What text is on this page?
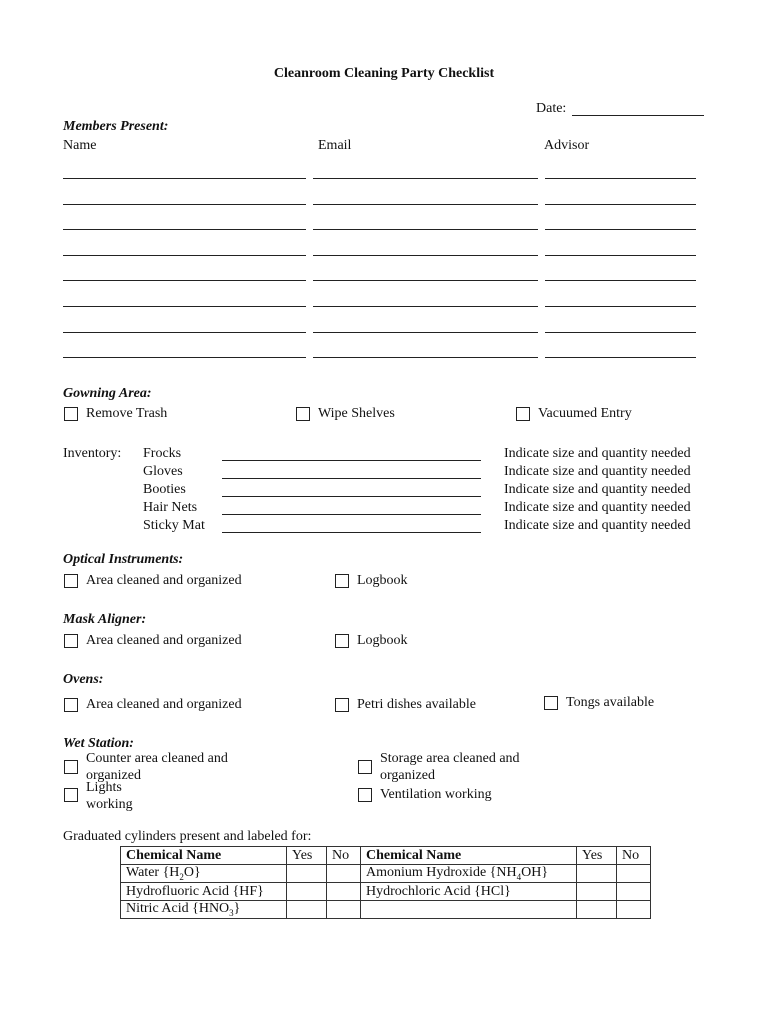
Cleanroom Cleaning Party Checklist
Date:
Members Present:
Name	Email	Advisor
Gowning Area:
Remove Trash	Wipe Shelves	Vacuumed Entry
Inventory: Frocks	Indicate size and quantity needed
Gloves	Indicate size and quantity needed
Booties	Indicate size and quantity needed
Hair Nets	Indicate size and quantity needed
Sticky Mat	Indicate size and quantity needed
Optical Instruments:
Area cleaned and organized	Logbook
Mask Aligner:
Area cleaned and organized	Logbook
Ovens:
Area cleaned and organized	Petri dishes available	Tongs available
Wet Station:
Counter area cleaned and organized
Storage area cleaned and organized
Lights working
Ventilation working
Graduated cylinders present and labeled for:
Chemical Name	Yes	No	Chemical Name	Yes	No
Water $\{H_2O\}$			Amonium Hydroxide $\{NH_4OH\}$		
Hydrofluoric Acid {HF}			Hydrochloric Acid {HCl}		
Nitric Acid $\{HNO_3\}$					
